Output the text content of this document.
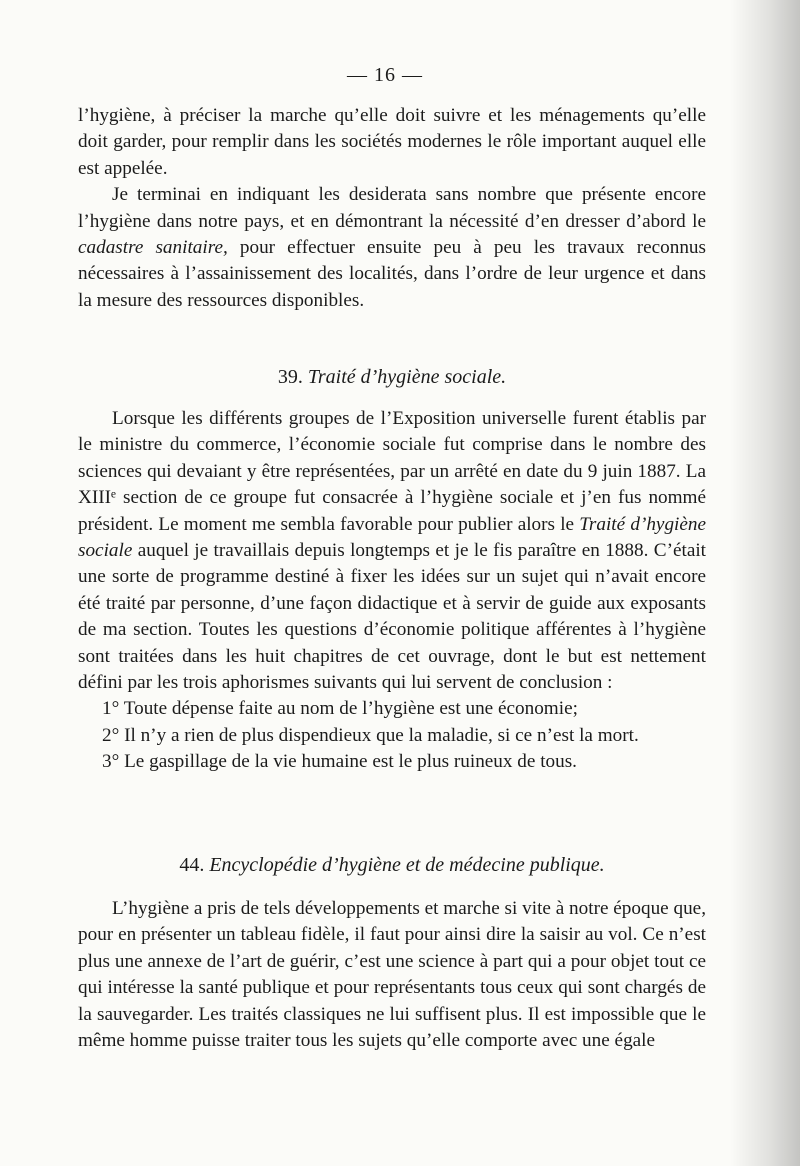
— 16 —

l’hygiène, à préciser la marche qu’elle doit suivre et les ménagements qu’elle doit garder, pour remplir dans les sociétés modernes le rôle important auquel elle est appelée.

Je terminai en indiquant les desiderata sans nombre que présente encore l’hygiène dans notre pays, et en démontrant la nécessité d’en dresser d’abord le cadastre sanitaire, pour effectuer ensuite peu à peu les travaux reconnus nécessaires à l’assainissement des localités, dans l’ordre de leur urgence et dans la mesure des ressources disponibles.

39. Traité d’hygiène sociale.

Lorsque les différents groupes de l’Exposition universelle furent établis par le ministre du commerce, l’économie sociale fut comprise dans le nombre des sciences qui devaiant y être représentées, par un arrêté en date du 9 juin 1887. La XIIIᵉ section de ce groupe fut consacrée à l’hygiène sociale et j’en fus nommé président. Le moment me sembla favorable pour publier alors le Traité d’hygiène sociale auquel je travaillais depuis longtemps et je le fis paraître en 1888. C’était une sorte de programme destiné à fixer les idées sur un sujet qui n’avait encore été traité par personne, d’une façon didactique et à servir de guide aux exposants de ma section. Toutes les questions d’économie politique afférentes à l’hygiène sont traitées dans les huit chapitres de cet ouvrage, dont le but est nettement défini par les trois aphorismes suivants qui lui servent de conclusion :

1° Toute dépense faite au nom de l’hygiène est une économie;

2° Il n’y a rien de plus dispendieux que la maladie, si ce n’est la mort.

3° Le gaspillage de la vie humaine est le plus ruineux de tous.

44. Encyclopédie d’hygiène et de médecine publique.

L’hygiène a pris de tels développements et marche si vite à notre époque que, pour en présenter un tableau fidèle, il faut pour ainsi dire la saisir au vol. Ce n’est plus une annexe de l’art de guérir, c’est une science à part qui a pour objet tout ce qui intéresse la santé publique et pour représentants tous ceux qui sont chargés de la sauvegarder. Les traités classiques ne lui suffisent plus. Il est impossible que le même homme puisse traiter tous les sujets qu’elle comporte avec une égale
